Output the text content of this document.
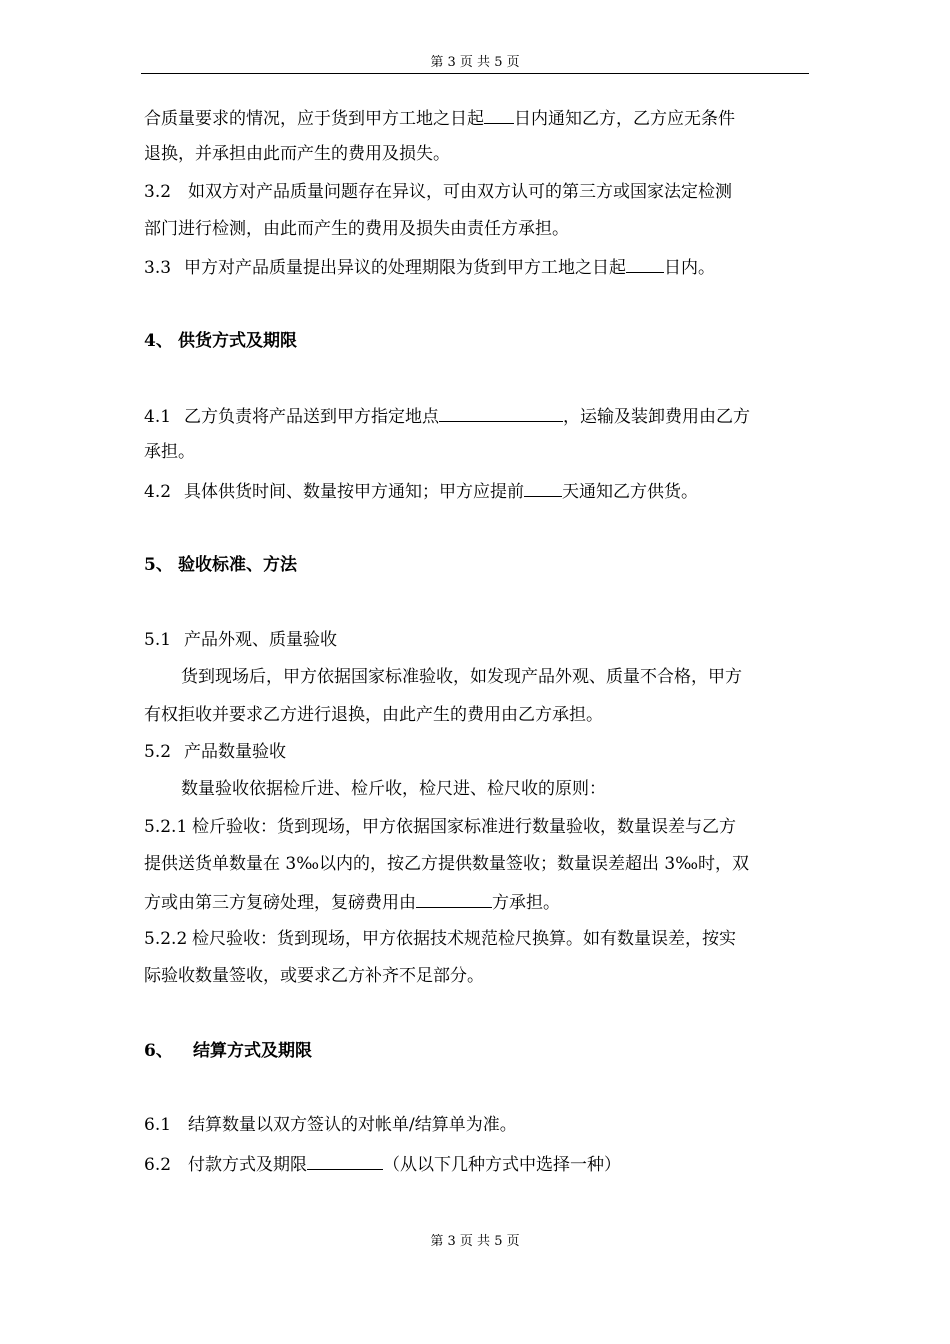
第 3 页 共 5 页
合质量要求的情况，应于货到甲方工地之日起 日内通知乙方，乙方应无条件
退换，并承担由此而产生的费用及损失。
3.2 如双方对产品质量问题存在异议，可由双方认可的第三方或国家法定检测
部门进行检测，由此而产生的费用及损失由责任方承担。
3.3 甲方对产品质量提出异议的处理期限为货到甲方工地之日起 日内。
4、 供货方式及期限
4.1 乙方负责将产品送到甲方指定地点	，运输及装卸费用由乙方
承担。
4.2 具体供货时间、数量按甲方通知；甲方应提前 天通知乙方供货。
5、 验收标准、方法
5.1 产品外观、质量验收
货到现场后，甲方依据国家标准验收，如发现产品外观、质量不合格，甲方
有权拒收并要求乙方进行退换，由此产生的费用由乙方承担。
5.2 产品数量验收
数量验收依据检斤进、检斤收，检尺进、检尺收的原则：
5.2.1 检斤验收：货到现场，甲方依据国家标准进行数量验收，数量误差与乙方
提供送货单数量在 3‰以内的，按乙方提供数量签收；数量误差超出 3‰时，双
方或由第三方复磅处理，复磅费用由	方承担。
5.2.2 检尺验收：货到现场，甲方依据技术规范检尺换算。如有数量误差，按实
际验收数量签收，或要求乙方补齐不足部分。
6、 结算方式及期限
6.1 结算数量以双方签认的对帐单/结算单为准。
6.2 付款方式及期限	（从以下几种方式中选择一种）
第 3 页 共 5 页
